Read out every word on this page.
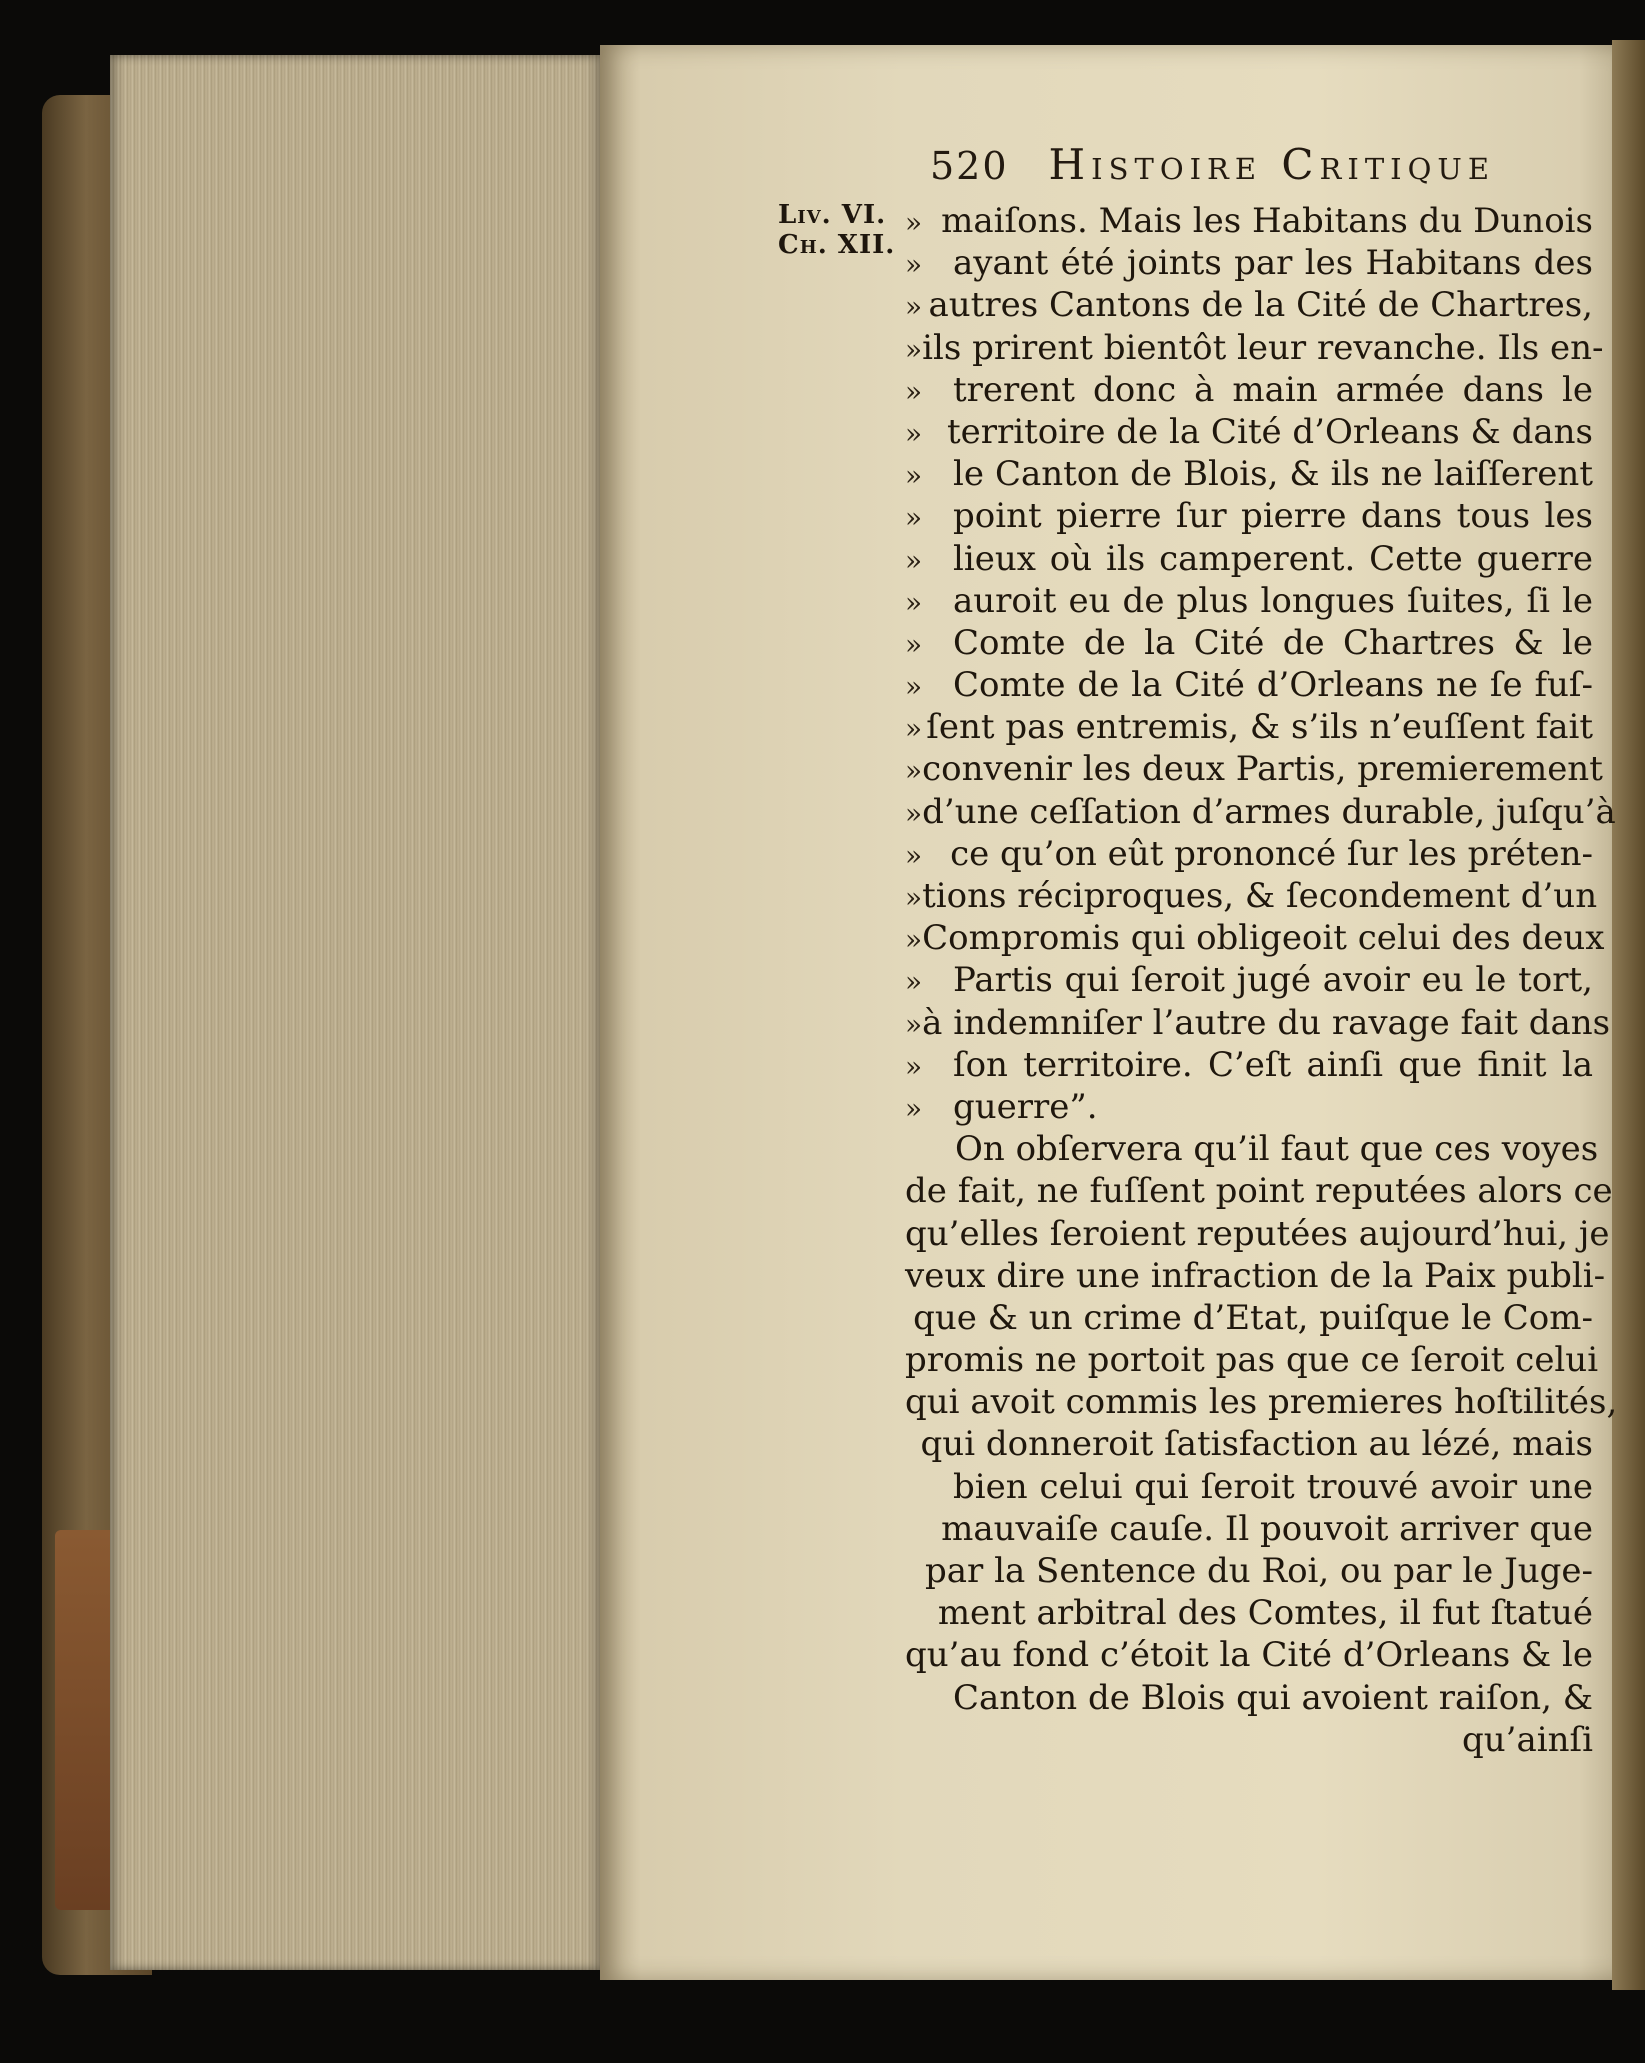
520 Histoire Critique
Liv. VI.
Ch. XII.
» maiſons. Mais les Habitans du Dunois
» ayant été joints par les Habitans des
» autres Cantons de la Cité de Chartres,
» ils prirent bientôt leur revanche. Ils en-
» trerent donc à main armée dans le
» territoire de la Cité d’Orleans & dans
» le Canton de Blois, & ils ne laiſſerent
» point pierre ſur pierre dans tous les
» lieux où ils camperent. Cette guerre
» auroit eu de plus longues ſuites, ſi le
» Comte de la Cité de Chartres & le
» Comte de la Cité d’Orleans ne ſe fuſ-
» ſent pas entremis, & s’ils n’euſſent fait
» convenir les deux Partis, premierement
» d’une ceſſation d’armes durable, juſqu’à
» ce qu’on eût prononcé ſur les préten-
» tions réciproques, & ſecondement d’un
» Compromis qui obligeoit celui des deux
» Partis qui ſeroit jugé avoir eu le tort,
» à indemniſer l’autre du ravage fait dans
» ſon territoire. C’eſt ainſi que finit la
» guerre”.
On obſervera qu’il faut que ces voyes
de fait, ne fuſſent point reputées alors ce
qu’elles ſeroient reputées aujourd’hui, je
veux dire une infraction de la Paix publi-
que & un crime d’Etat, puiſque le Com-
promis ne portoit pas que ce ſeroit celui
qui avoit commis les premieres hoſtilités,
qui donneroit ſatisfaction au lézé, mais
bien celui qui ſeroit trouvé avoir une
mauvaiſe cauſe. Il pouvoit arriver que
par la Sentence du Roi, ou par le Juge-
ment arbitral des Comtes, il fut ſtatué
qu’au fond c’étoit la Cité d’Orleans & le
Canton de Blois qui avoient raiſon, &
qu’ainſi
